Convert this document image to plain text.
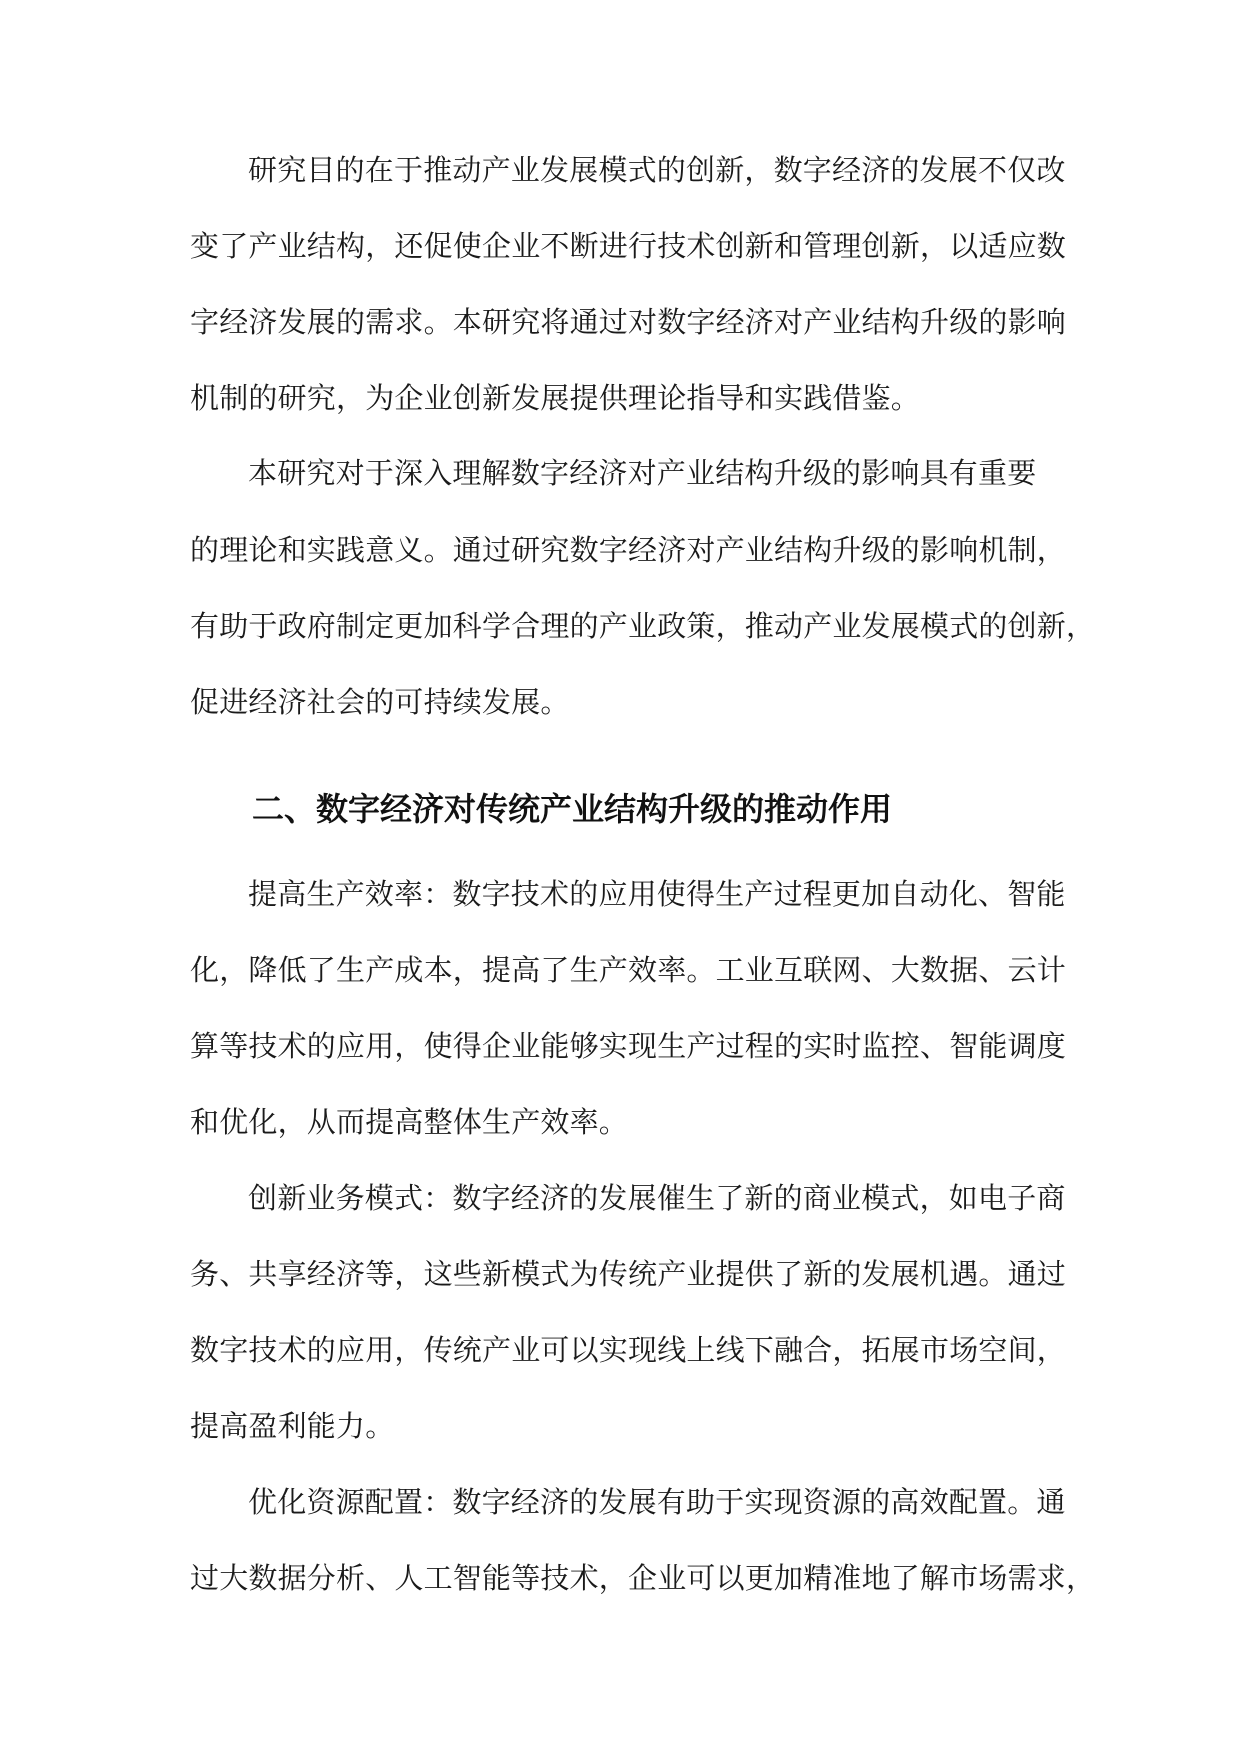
研究目的在于推动产业发展模式的创新，数字经济的发展不仅改
变了产业结构，还促使企业不断进行技术创新和管理创新，以适应数
字经济发展的需求。本研究将通过对数字经济对产业结构升级的影响
机制的研究，为企业创新发展提供理论指导和实践借鉴。
本研究对于深入理解数字经济对产业结构升级的影响具有重要
的理论和实践意义。通过研究数字经济对产业结构升级的影响机制，
有助于政府制定更加科学合理的产业政策，推动产业发展模式的创新，
促进经济社会的可持续发展。
二、数字经济对传统产业结构升级的推动作用
提高生产效率：数字技术的应用使得生产过程更加自动化、智能
化，降低了生产成本，提高了生产效率。工业互联网、大数据、云计
算等技术的应用，使得企业能够实现生产过程的实时监控、智能调度
和优化，从而提高整体生产效率。
创新业务模式：数字经济的发展催生了新的商业模式，如电子商
务、共享经济等，这些新模式为传统产业提供了新的发展机遇。通过
数字技术的应用，传统产业可以实现线上线下融合，拓展市场空间，
提高盈利能力。
优化资源配置：数字经济的发展有助于实现资源的高效配置。通
过大数据分析、人工智能等技术，企业可以更加精准地了解市场需求，
